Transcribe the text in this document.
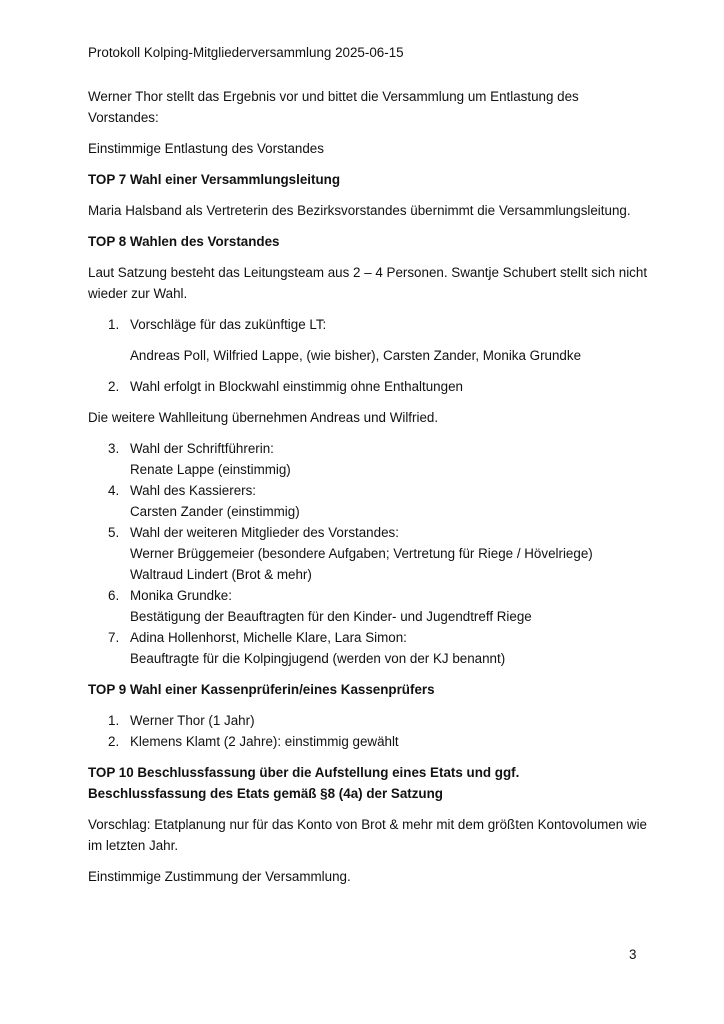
Protokoll Kolping-Mitgliederversammlung 2025-06-15

Werner Thor stellt das Ergebnis vor und bittet die Versammlung um Entlastung des Vorstandes:

Einstimmige Entlastung des Vorstandes

TOP 7 Wahl einer Versammlungsleitung

Maria Halsband als Vertreterin des Bezirksvorstandes übernimmt die Versammlungsleitung.

TOP 8 Wahlen des Vorstandes

Laut Satzung besteht das Leitungsteam aus 2 – 4 Personen. Swantje Schubert stellt sich nicht wieder zur Wahl.

1. Vorschläge für das zukünftige LT:
Andreas Poll, Wilfried Lappe, (wie bisher), Carsten Zander, Monika Grundke
2. Wahl erfolgt in Blockwahl einstimmig ohne Enthaltungen

Die weitere Wahlleitung übernehmen Andreas und Wilfried.

3. Wahl der Schriftführerin:
Renate Lappe (einstimmig)
4. Wahl des Kassierers:
Carsten Zander (einstimmig)
5. Wahl der weiteren Mitglieder des Vorstandes:
Werner Brüggemeier (besondere Aufgaben; Vertretung für Riege / Hövelriege)
Waltraud Lindert (Brot & mehr)
6. Monika Grundke:
Bestätigung der Beauftragten für den Kinder- und Jugendtreff Riege
7. Adina Hollenhorst, Michelle Klare, Lara Simon:
Beauftragte für die Kolpingjugend (werden von der KJ benannt)
TOP 9 Wahl einer Kassenprüferin/eines Kassenprüfers
1. Werner Thor (1 Jahr)
2. Klemens Klamt (2 Jahre): einstimmig gewählt
TOP 10 Beschlussfassung über die Aufstellung eines Etats und ggf.
Beschlussfassung des Etats gemäß §8 (4a) der Satzung

Vorschlag: Etatplanung nur für das Konto von Brot & mehr mit dem größten Kontovolumen wie im letzten Jahr.

Einstimmige Zustimmung der Versammlung.

3
